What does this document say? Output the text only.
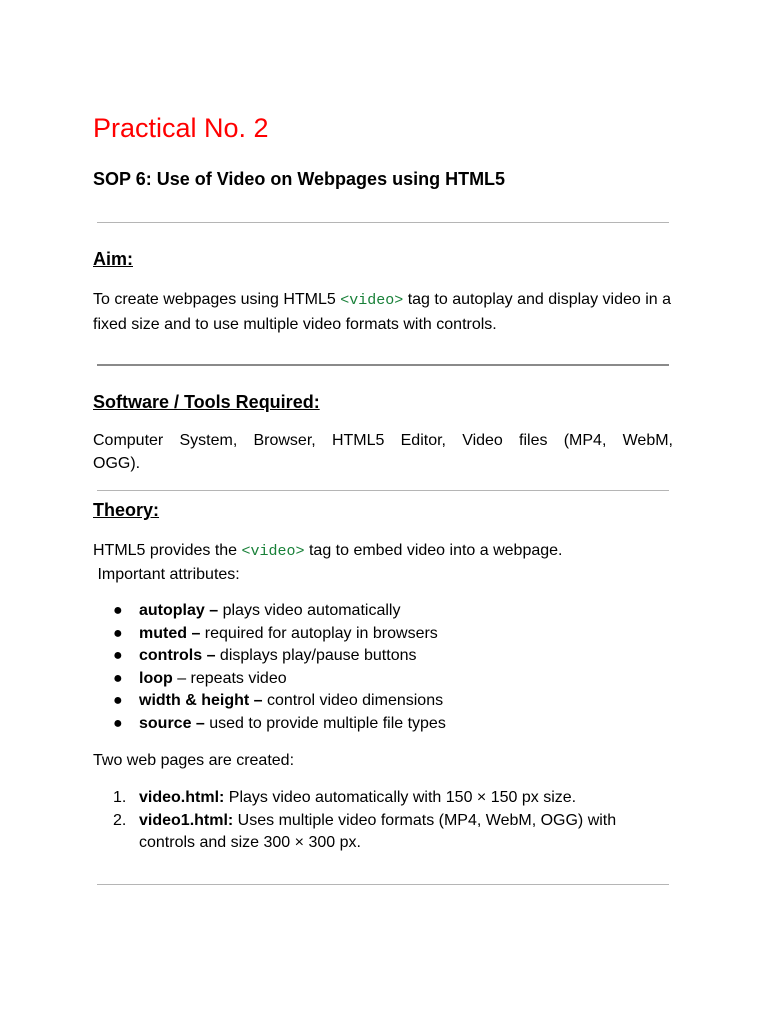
Practical No. 2
SOP 6: Use of Video on Webpages using HTML5
Aim:
To create webpages using HTML5 <video> tag to autoplay and display video in a fixed size and to use multiple video formats with controls.
Software / Tools Required:
Computer System, Browser, HTML5 Editor, Video files (MP4, WebM,
OGG).
Theory:
HTML5 provides the <video> tag to embed video into a webpage.
Important attributes:
● autoplay – plays video automatically
● muted – required for autoplay in browsers
● controls – displays play/pause buttons
● loop – repeats video
● width & height – control video dimensions
● source – used to provide multiple file types
Two web pages are created:
1. video.html: Plays video automatically with 150 × 150 px size.
2. video1.html: Uses multiple video formats (MP4, WebM, OGG) with controls and size 300 × 300 px.
